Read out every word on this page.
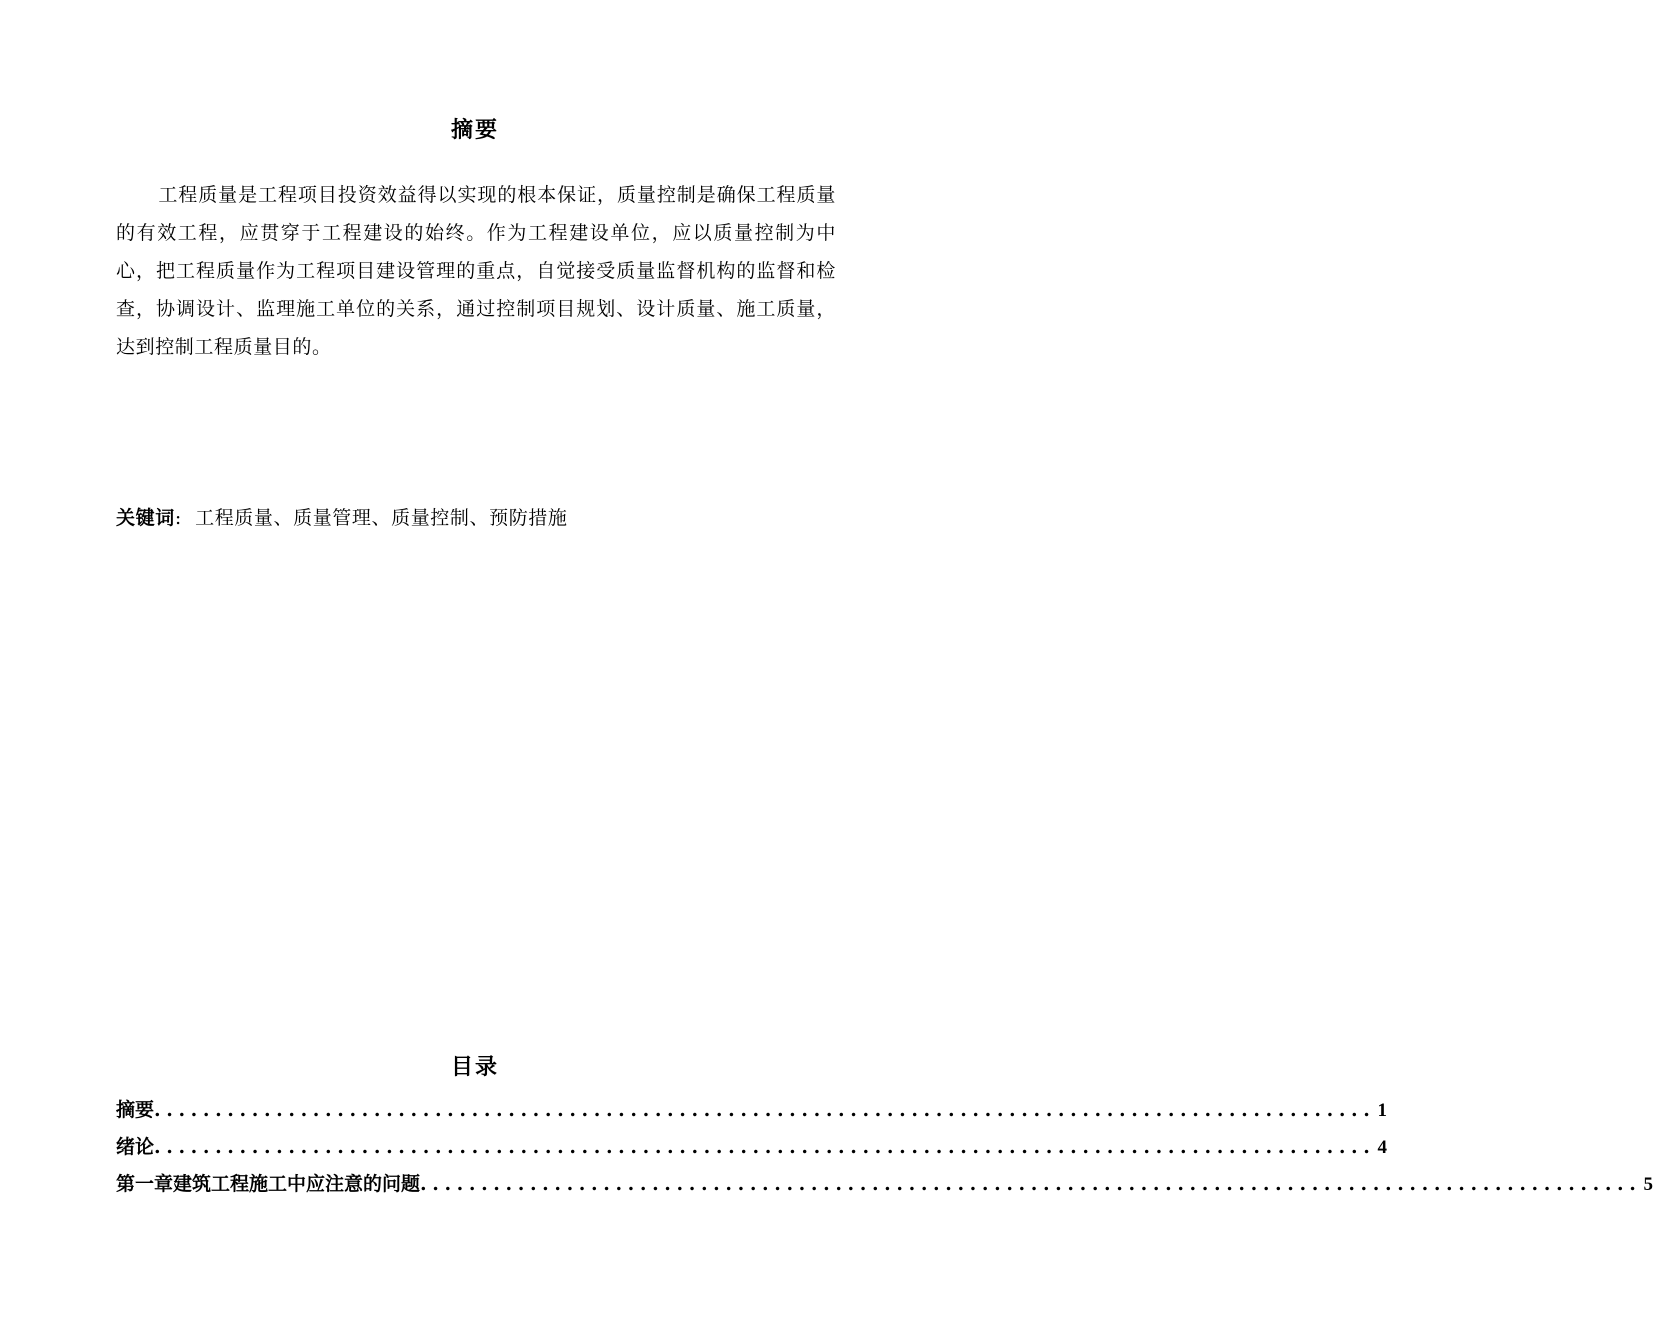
摘要
工程质量是工程项目投资效益得以实现的根本保证，质量控制是确保工程质量的有效工程，应贯穿于工程建设的始终。作为工程建设单位，应以质量控制为中心，把工程质量作为工程项目建设管理的重点，自觉接受质量监督机构的监督和检查，协调设计、监理施工单位的关系，通过控制项目规划、设计质量、施工质量，达到控制工程质量目的。
关键词: 工程质量、质量管理、质量控制、预防措施
目录
摘要 .................................................................................................... 1
绪论 .................................................................................................... 4
第一章建筑工程施工中应注意的问题 .................................................................................................... 5
